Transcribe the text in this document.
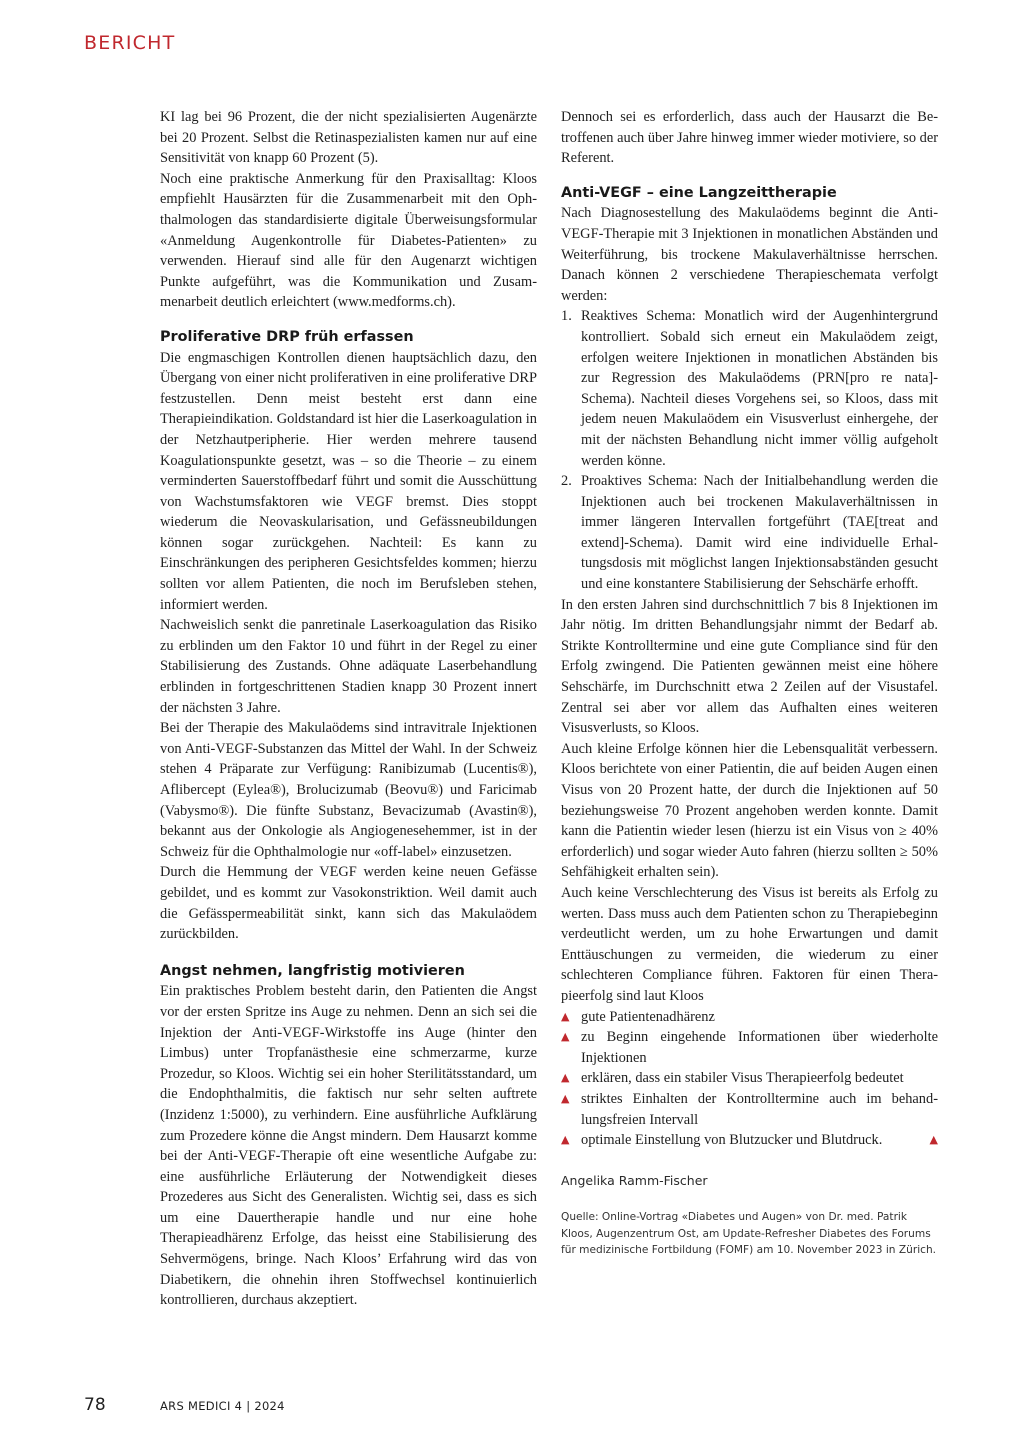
BERICHT

KI lag bei 96 Prozent, die der nicht spezialisierten Augenärzte bei 20 Prozent. Selbst die Retinaspezialisten kamen nur auf eine Sensitivität von knapp 60 Prozent (5).

Noch eine praktische Anmerkung für den Praxisalltag: Kloos empfiehlt Hausärzten für die Zusammenarbeit mit den Ophthalmologen das standardisierte digitale Überweisungsformular «Anmeldung Augenkontrolle für Diabetes-Patienten» zu verwenden. Hierauf sind alle für den Augenarzt wichtigen Punkte aufgeführt, was die Kommunikation und Zusammenarbeit deutlich erleichtert (www.medforms.ch).

Proliferative DRP früh erfassen

Die engmaschigen Kontrollen dienen hauptsächlich dazu, den Übergang von einer nicht proliferativen in eine proliferative DRP festzustellen. Denn meist besteht erst dann eine Therapieindikation. Goldstandard ist hier die Laserkoagulation in der Netzhautperipherie. Hier werden mehrere tausend Koagulationspunkte gesetzt, was – so die Theorie – zu einem verminderten Sauerstoffbedarf führt und somit die Ausschüttung von Wachstumsfaktoren wie VEGF bremst. Dies stoppt wiederum die Neovaskularisation, und Gefässneubildungen können sogar zurückgehen. Nachteil: Es kann zu Einschränkungen des peripheren Gesichtsfeldes kommen; hierzu sollten vor allem Patienten, die noch im Berufsleben stehen, informiert werden.

Nachweislich senkt die panretinale Laserkoagulation das Risiko zu erblinden um den Faktor 10 und führt in der Regel zu einer Stabilisierung des Zustands. Ohne adäquate Laserbehandlung erblinden in fortgeschrittenen Stadien knapp 30 Prozent innert der nächsten 3 Jahre.

Bei der Therapie des Makulaödems sind intravitrale Injektionen von Anti-VEGF-Substanzen das Mittel der Wahl. In der Schweiz stehen 4 Präparate zur Verfügung: Ranibizumab (Lucentis®), Aflibercept (Eylea®), Brolucizumab (Beovu®) und Faricimab (Vabysmo®). Die fünfte Substanz, Bevacizumab (Avastin®), bekannt aus der Onkologie als Angiogenesehemmer, ist in der Schweiz für die Ophthalmologie nur «off-label» einzusetzen.

Durch die Hemmung der VEGF werden keine neuen Gefässe gebildet, und es kommt zur Vasokonstriktion. Weil damit auch die Gefässpermeabilität sinkt, kann sich das Makulaödem zurückbilden.

Angst nehmen, langfristig motivieren

Ein praktisches Problem besteht darin, den Patienten die Angst vor der ersten Spritze ins Auge zu nehmen. Denn an sich sei die Injektion der Anti-VEGF-Wirkstoffe ins Auge (hinter den Limbus) unter Tropfanästhesie eine schmerzarme, kurze Prozedur, so Kloos. Wichtig sei ein hoher Sterilitätsstandard, um die Endophthalmitis, die faktisch nur sehr selten auftrete (Inzidenz 1:5000), zu verhindern. Eine ausführliche Aufklärung zum Prozedere könne die Angst mindern. Dem Hausarzt komme bei der Anti-VEGF-Therapie oft eine wesentliche Aufgabe zu: eine ausführliche Erläuterung der Notwendigkeit dieses Prozederes aus Sicht des Generalisten. Wichtig sei, dass es sich um eine Dauertherapie handle und nur eine hohe Therapieadhärenz Erfolge, das heisst eine Stabilisierung des Sehvermögens, bringe. Nach Kloos’ Erfahrung wird das von Diabetikern, die ohnehin ihren Stoffwechsel kontinuierlich kontrollieren, durchaus akzeptiert.

Dennoch sei es erforderlich, dass auch der Hausarzt die Betroffenen auch über Jahre hinweg immer wieder motiviere, so der Referent.

Anti-VEGF – eine Langzeittherapie

Nach Diagnosestellung des Makulaödems beginnt die Anti-VEGF-Therapie mit 3 Injektionen in monatlichen Abständen und Weiterführung, bis trockene Makulaverhältnisse herrschen. Danach können 2 verschiedene Therapieschemata verfolgt werden:

1. Reaktives Schema: Monatlich wird der Augenhintergrund kontrolliert. Sobald sich erneut ein Makulaödem zeigt, erfolgen weitere Injektionen in monatlichen Abständen bis zur Regression des Makulaödems (PRN[pro re nata]-Schema). Nachteil dieses Vorgehens sei, so Kloos, dass mit jedem neuen Makulaödem ein Visusverlust einhergehe, der mit der nächsten Behandlung nicht immer völlig aufgeholt werden könne.
2. Proaktives Schema: Nach der Initialbehandlung werden die Injektionen auch bei trockenen Makulaverhältnissen in immer längeren Intervallen fortgeführt (TAE[treat and extend]-Schema). Damit wird eine individuelle Erhaltungsdosis mit möglichst langen Injektionsabständen gesucht und eine konstantere Stabilisierung der Sehschärfe erhofft.

In den ersten Jahren sind durchschnittlich 7 bis 8 Injektionen im Jahr nötig. Im dritten Behandlungsjahr nimmt der Bedarf ab. Strikte Kontrolltermine und eine gute Compliance sind für den Erfolg zwingend. Die Patienten gewännen meist eine höhere Sehschärfe, im Durchschnitt etwa 2 Zeilen auf der Visustafel. Zentral sei aber vor allem das Aufhalten eines weiteren Visusverlusts, so Kloos.

Auch kleine Erfolge können hier die Lebensqualität verbessern. Kloos berichtete von einer Patientin, die auf beiden Augen einen Visus von 20 Prozent hatte, der durch die Injektionen auf 50 beziehungsweise 70 Prozent angehoben werden konnte. Damit kann die Patientin wieder lesen (hierzu ist ein Visus von ≥ 40% erforderlich) und sogar wieder Auto fahren (hierzu sollten ≥ 50% Sehfähigkeit erhalten sein).

Auch keine Verschlechterung des Visus ist bereits als Erfolg zu werten. Dass muss auch dem Patienten schon zu Therapiebeginn verdeutlicht werden, um zu hohe Erwartungen und damit Enttäuschungen zu vermeiden, die wiederum zu einer schlechteren Compliance führen. Faktoren für einen Therapieerfolg sind laut Kloos

▲ gute Patientenadhärenz
▲ zu Beginn eingehende Informationen über wiederholte Injektionen
▲ erklären, dass ein stabiler Visus Therapieerfolg bedeutet
▲ striktes Einhalten der Kontrolltermine auch im behandlungsfreien Intervall
▲ optimale Einstellung von Blutzucker und Blutdruck.	▲

Angelika Ramm-Fischer

Quelle: Online-Vortrag «Diabetes und Augen» von Dr. med. Patrik Kloos, Augenzentrum Ost, am Update-Refresher Diabetes des Forums für medizinische Fortbildung (FOMF) am 10. November 2023 in Zürich.

78	ARS MEDICI 4 | 2024
